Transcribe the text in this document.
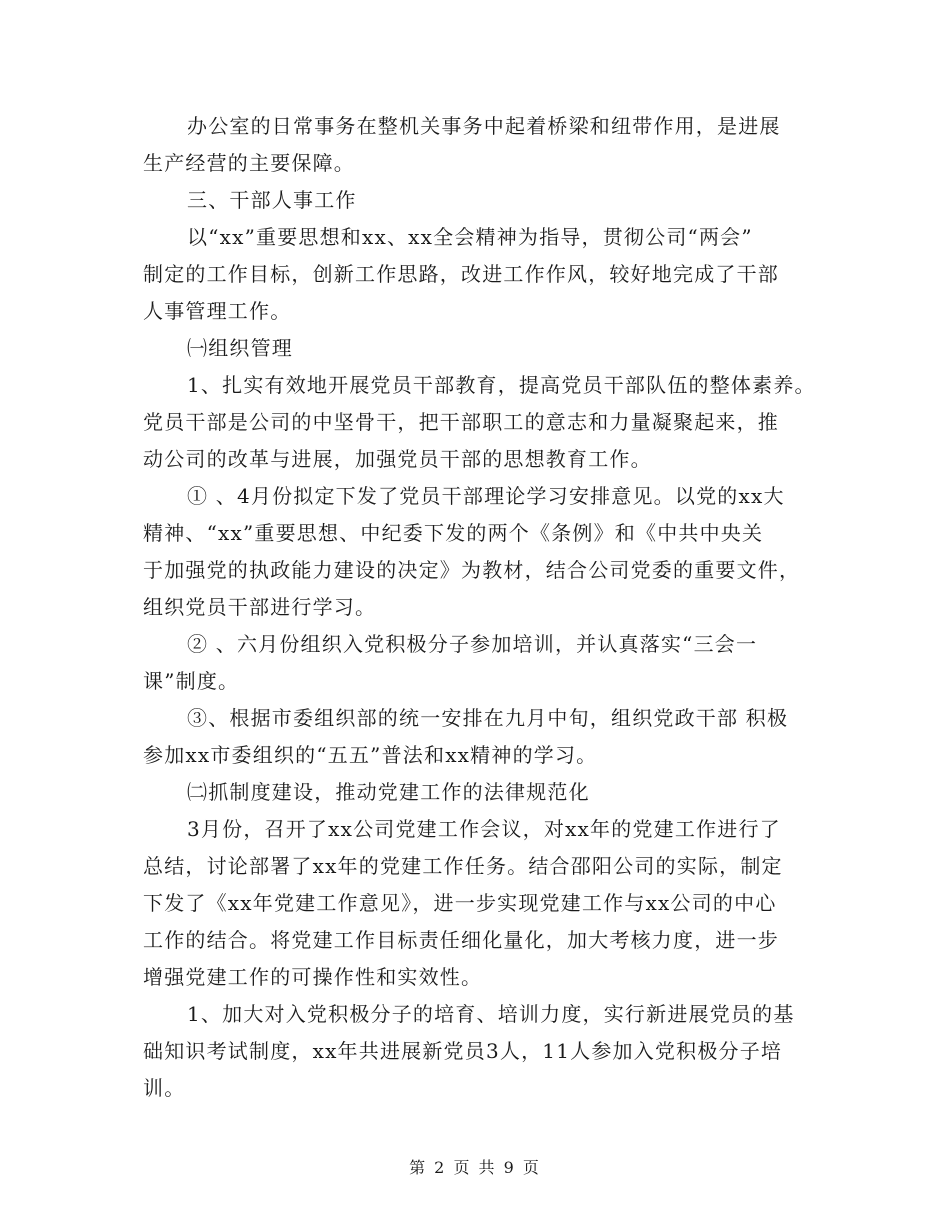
办公室的日常事务在整机关事务中起着桥梁和纽带作用，是进展
生产经营的主要保障。
三、干部人事工作
以“xx”重要思想和xx、xx全会精神为指导，贯彻公司“两会”
制定的工作目标，创新工作思路，改进工作作风，较好地完成了干部
人事管理工作。
㈠组织管理
1、扎实有效地开展党员干部教育，提高党员干部队伍的整体素养。
党员干部是公司的中坚骨干，把干部职工的意志和力量凝聚起来，推
动公司的改革与进展，加强党员干部的思想教育工作。
① 、4月份拟定下发了党员干部理论学习安排意见。以党的xx大
精神、“xx”重要思想、中纪委下发的两个《条例》和《中共中央关
于加强党的执政能力建设的决定》为教材，结合公司党委的重要文件，
组织党员干部进行学习。
② 、六月份组织入党积极分子参加培训，并认真落实“三会一
课”制度。
③、根据市委组织部的统一安排在九月中旬，组织党政干部 积极
参加xx市委组织的“五五”普法和xx精神的学习。
㈡抓制度建设，推动党建工作的法律规范化
3月份，召开了xx公司党建工作会议，对xx年的党建工作进行了
总结，讨论部署了xx年的党建工作任务。结合邵阳公司的实际，制定
下发了《xx年党建工作意见》，进一步实现党建工作与xx公司的中心
工作的结合。将党建工作目标责任细化量化，加大考核力度，进一步
增强党建工作的可操作性和实效性。
1、加大对入党积极分子的培育、培训力度，实行新进展党员的基
础知识考试制度，xx年共进展新党员3人，11人参加入党积极分子培
训。
第 2 页 共 9 页
